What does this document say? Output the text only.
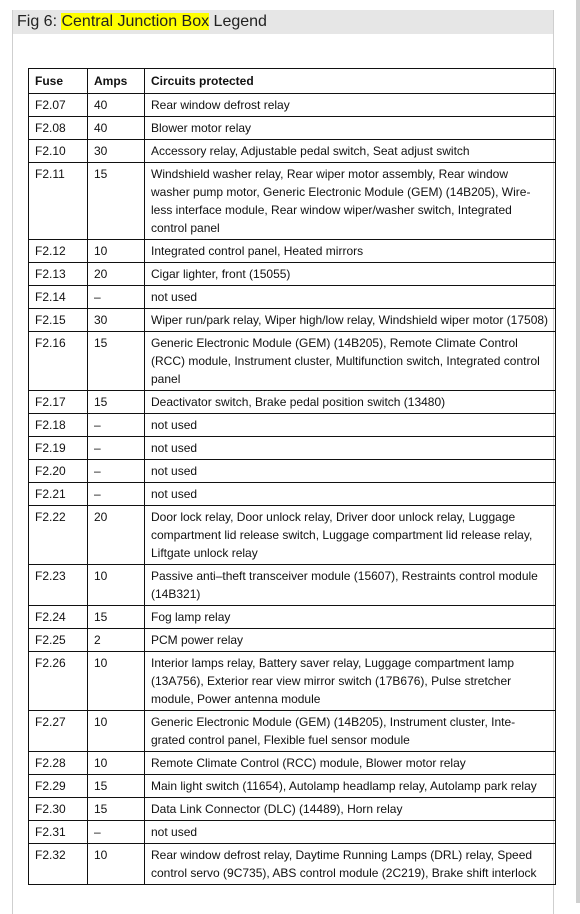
Fig 6: Central Junction Box Legend
Fuse	Amps	Circuits protected
F2.07	40	Rear window defrost relay
F2.08	40	Blower motor relay
F2.10	30	Accessory relay, Adjustable pedal switch, Seat adjust switch
F2.11	15	Windshield washer relay, Rear wiper motor assembly, Rear window washer pump motor, Generic Electronic Module (GEM) (14B205), Wire-less interface module, Rear window wiper/washer switch, Integrated control panel
F2.12	10	Integrated control panel, Heated mirrors
F2.13	20	Cigar lighter, front (15055)
F2.14	–	not used
F2.15	30	Wiper run/park relay, Wiper high/low relay, Windshield wiper motor (17508)
F2.16	15	Generic Electronic Module (GEM) (14B205), Remote Climate Control (RCC) module, Instrument cluster, Multifunction switch, Integrated control panel
F2.17	15	Deactivator switch, Brake pedal position switch (13480)
F2.18	–	not used
F2.19	–	not used
F2.20	–	not used
F2.21	–	not used
F2.22	20	Door lock relay, Door unlock relay, Driver door unlock relay, Luggage compartment lid release switch, Luggage compartment lid release relay, Liftgate unlock relay
F2.23	10	Passive anti–theft transceiver module (15607), Restraints control module (14B321)
F2.24	15	Fog lamp relay
F2.25	2	PCM power relay
F2.26	10	Interior lamps relay, Battery saver relay, Luggage compartment lamp (13A756), Exterior rear view mirror switch (17B676), Pulse stretcher module, Power antenna module
F2.27	10	Generic Electronic Module (GEM) (14B205), Instrument cluster, Inte-grated control panel, Flexible fuel sensor module
F2.28	10	Remote Climate Control (RCC) module, Blower motor relay
F2.29	15	Main light switch (11654), Autolamp headlamp relay, Autolamp park relay
F2.30	15	Data Link Connector (DLC) (14489), Horn relay
F2.31	–	not used
F2.32	10	Rear window defrost relay, Daytime Running Lamps (DRL) relay, Speed control servo (9C735), ABS control module (2C219), Brake shift interlock
